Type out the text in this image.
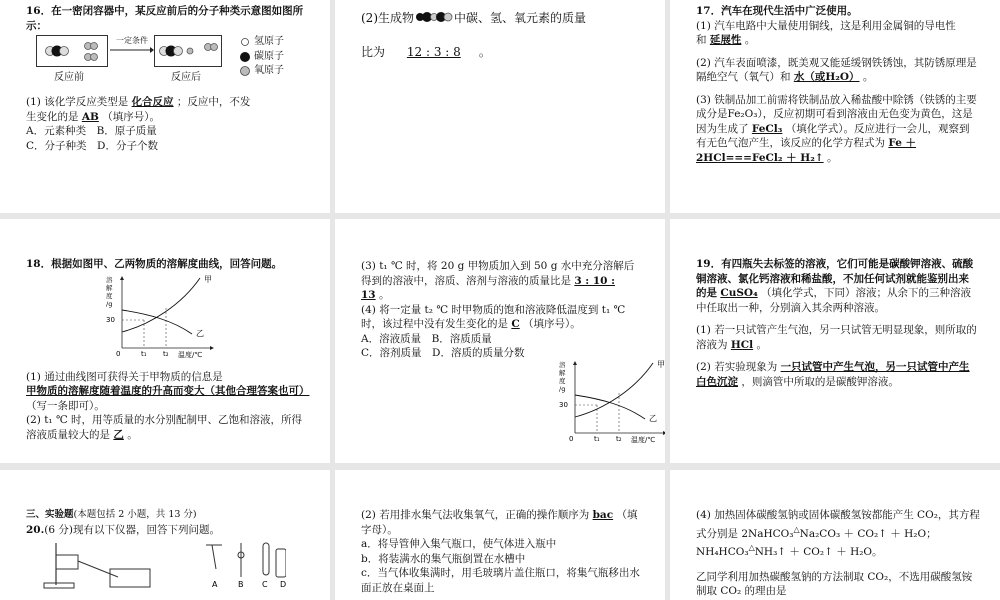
16．在一密闭容器中，某反应前后的分子种类示意图如图所示：

一定条件
反应前	反应后
氢原子
碳原子
氧原子

(1) 该化学反应类型是 化合反应 ；反应中，不发

生变化的是 AB （填序号）。

A．元素种类　B．原子质量

C．分子种类　D．分子个数

(2)生成物	中碳、氢、氧元素的质量

比为 12 : 3 : 8 。

17．汽车在现代生活中广泛使用。

(1) 汽车电路中大量使用铜线，这是利用金属铜的导电性和 延展性 。

(2) 汽车表面喷漆，既美观又能延缓钢铁锈蚀，其防锈原理是隔绝空气（氧气）和 水（或H₂O） 。

(3) 铁制品加工前需将铁制品放入稀盐酸中除锈（铁锈的主要成分是Fe₂O₃），反应初期可看到溶液由无色变为黄色，这是因为生成了 FeCl₃ （填化学式）。反应进行一会儿，观察到有无色气泡产生，该反应的化学方程式为 Fe ＋ 2HCl===FeCl₂ ＋ H₂↑ 。

18．根据如图甲、乙两物质的溶解度曲线，回答问题。

溶
解
度
/g
30
0	t₁ t₂ 温度/℃
甲
乙

(1) 通过曲线图可获得关于甲物质的信息是
甲物质的溶解度随着温度的升高而变大（其他合理答案也可）（写一条即可）。

(2) t₁ ℃ 时，用等质量的水分别配制甲、乙饱和溶液，所得溶液质量较大的是 乙 。

(3) t₁ ℃ 时，将 20 g 甲物质加入到 50 g 水中充分溶解后得到的溶液中，溶质、溶剂与溶液的质量比是 3 : 10 : 13 。

(4) 将一定量 t₂ ℃ 时甲物质的饱和溶液降低温度到 t₁ ℃ 时，该过程中没有发生变化的是 C （填序号）。

A．溶液质量　B．溶质质量

C．溶剂质量　D．溶质的质量分数

溶
解
度
/g
30
0	t₁ t₂ 温度/℃
甲
乙

19．有四瓶失去标签的溶液，它们可能是碳酸钾溶液、硫酸铜溶液、氯化钙溶液和稀盐酸，不加任何试剂就能鉴别出来的是 CuSO₄ （填化学式，下同）溶液；从余下的三种溶液中任取出一种，分别滴入其余两种溶液。

(1) 若一只试管产生气泡，另一只试管无明显现象，则所取的溶液为 HCl 。

(2) 若实验现象为 一只试管中产生气泡，另一只试管中产生白色沉淀 ，则滴管中所取的是碳酸钾溶液。

三、实验题(本题包括 2 小题，共 13 分)

20.(6 分)现有以下仪器，回答下列问题。

A	B C D

(2) 若用排水集气法收集氧气，正确的操作顺序为 bac （填字母）。

a．将导管伸入集气瓶口，使气体进入瓶中

b．将装满水的集气瓶倒置在水槽中

c．当气体收集满时，用毛玻璃片盖住瓶口，将集气瓶移出水面正放在桌面上

(4) 加热固体碳酸氢钠或固体碳酸氢铵都能产生 CO₂，其方程式分别是 2NaHCO₃△Na₂CO₃ ＋ CO₂↑ ＋ H₂O；NH₄HCO₃△NH₃↑ ＋ CO₂↑ ＋ H₂O。

乙同学利用加热碳酸氢钠的方法制取 CO₂，不选用碳酸氢铵制取 CO₂ 的理由是
